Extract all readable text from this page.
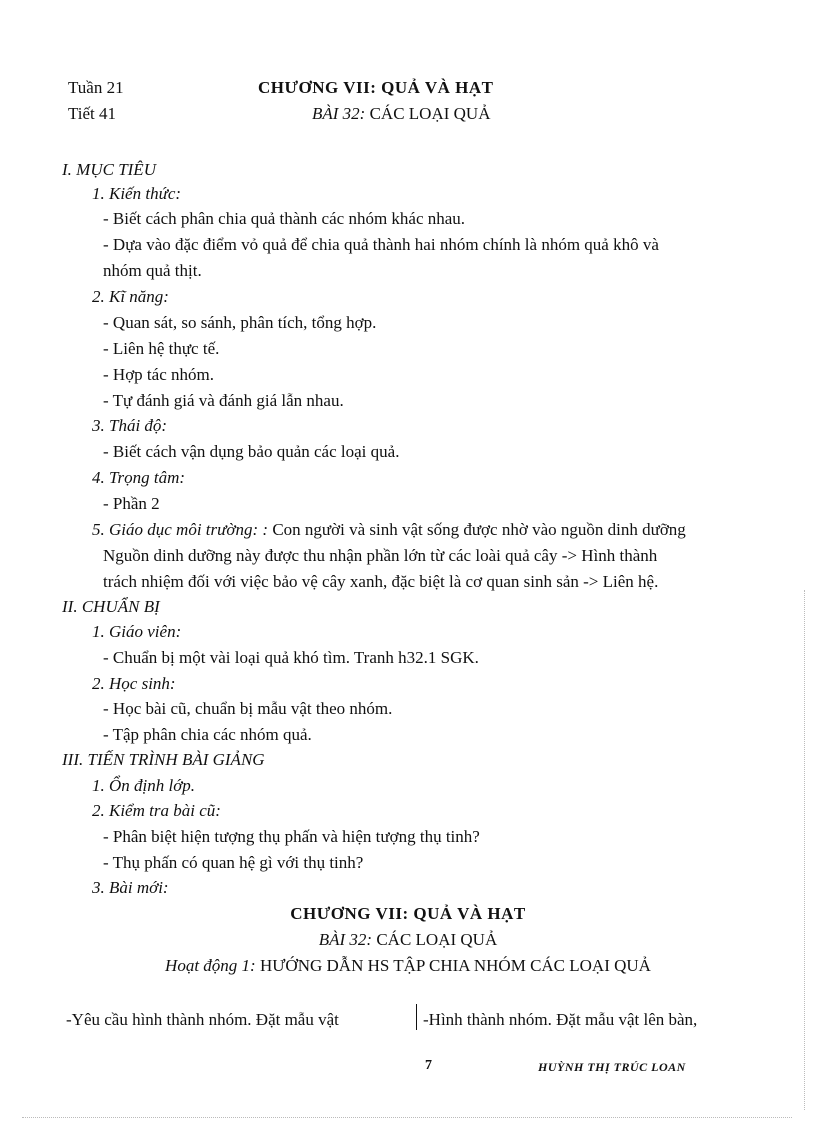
Tuần 21
Tiết 41
CHƯƠNG VII: QUẢ VÀ HẠT
BÀI 32: CÁC LOẠI QUẢ
I. MỤC TIÊU
1. Kiến thức:
- Biết cách phân chia quả thành các nhóm khác nhau.
- Dựa vào đặc điểm vỏ quả để chia quả thành hai nhóm chính là nhóm quả khô và
nhóm quả thịt.
2. Kĩ năng:
- Quan sát, so sánh, phân tích, tổng hợp.
- Liên hệ thực tế.
- Hợp tác nhóm.
- Tự đánh giá và đánh giá lẫn nhau.
3. Thái độ:
- Biết cách vận dụng bảo quản các loại quả.
4. Trọng tâm:
- Phần 2
5. Giáo dục môi trường: : Con người và sinh vật sống được nhờ vào nguồn dinh dưỡng
Nguồn dinh dưỡng này được thu nhận phần lớn từ các loài quả cây -> Hình thành
trách nhiệm đối với việc bảo vệ cây xanh, đặc biệt là cơ quan sinh sản -> Liên hệ.
II. CHUẨN BỊ
1. Giáo viên:
- Chuẩn bị một vài loại quả khó tìm. Tranh h32.1 SGK.
2. Học sinh:
- Học bài cũ, chuẩn bị mẫu vật theo nhóm.
- Tập phân chia các nhóm quả.
III. TIẾN TRÌNH BÀI GIẢNG
1. Ổn định lớp.
2. Kiểm tra bài cũ:
- Phân biệt hiện tượng thụ phấn và hiện tượng thụ tinh?
- Thụ phấn có quan hệ gì với thụ tinh?
3. Bài mới:
CHƯƠNG VII: QUẢ VÀ HẠT
BÀI 32: CÁC LOẠI QUẢ
Hoạt động 1: HƯỚNG DẪN HS TẬP CHIA NHÓM CÁC LOẠI QUẢ
-Yêu cầu hình thành nhóm. Đặt mẫu vật	-Hình thành nhóm. Đặt mẫu vật lên bàn,
7	HUỲNH THỊ TRÚC LOAN
